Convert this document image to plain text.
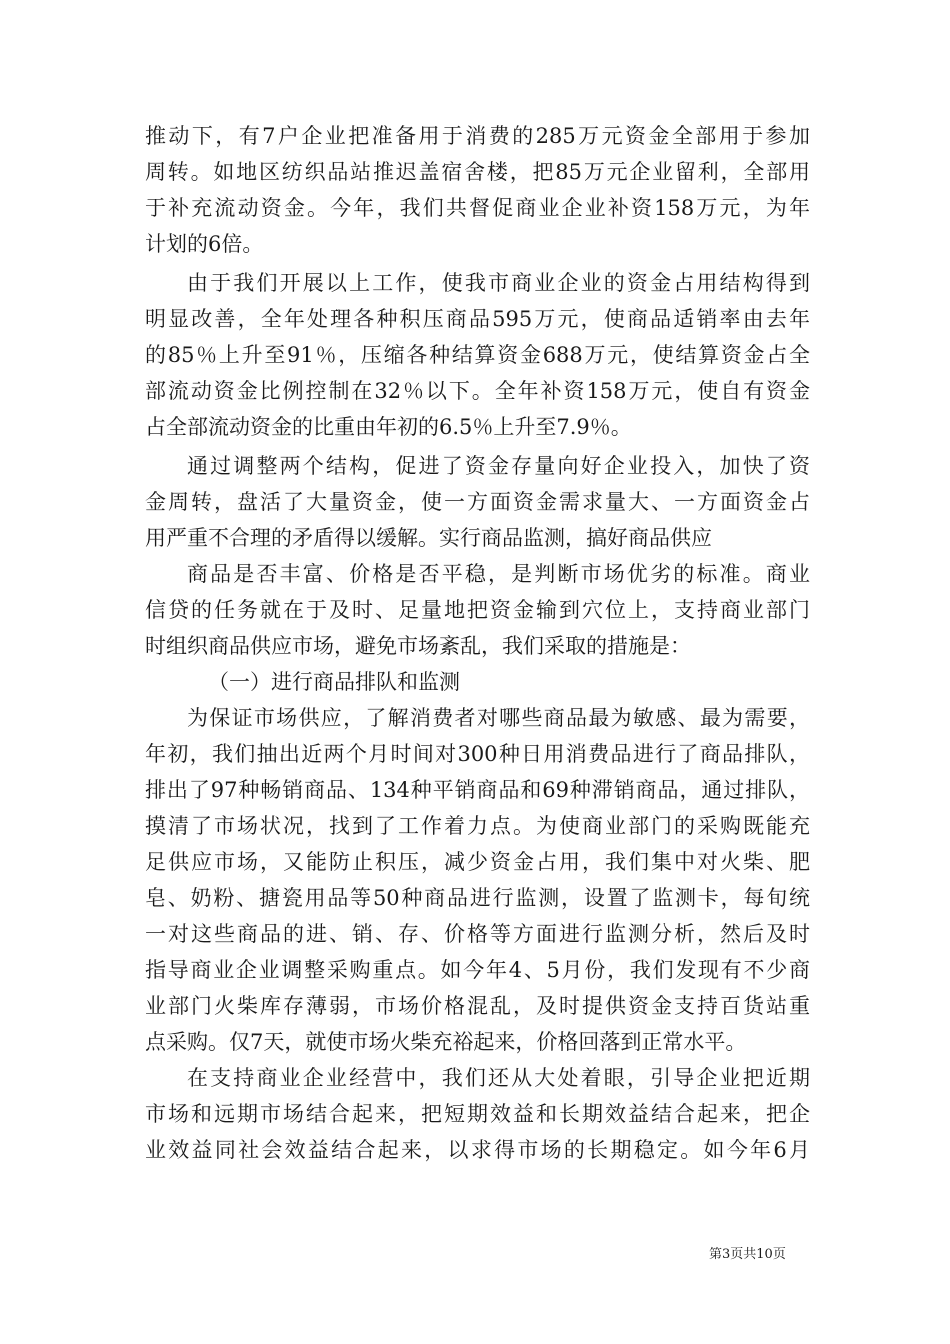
推动下，有7户企业把准备用于消费的285万元资金全部用于参加
周转。如地区纺织品站推迟盖宿舍楼，把85万元企业留利，全部用
于补充流动资金。今年，我们共督促商业企业补资158万元，为年
计划的6倍。
由于我们开展以上工作，使我市商业企业的资金占用结构得到
明显改善，全年处理各种积压商品595万元，使商品适销率由去年
的85％上升至91％，压缩各种结算资金688万元，使结算资金占全
部流动资金比例控制在32％以下。全年补资158万元，使自有资金
占全部流动资金的比重由年初的6.5％上升至7.9％。
通过调整两个结构，促进了资金存量向好企业投入，加快了资
金周转，盘活了大量资金，使一方面资金需求量大、一方面资金占
用严重不合理的矛盾得以缓解。实行商品监测，搞好商品供应
商品是否丰富、价格是否平稳，是判断市场优劣的标准。商业
信贷的任务就在于及时、足量地把资金输到穴位上，支持商业部门
时组织商品供应市场，避免市场紊乱，我们采取的措施是：
（一）进行商品排队和监测
为保证市场供应，了解消费者对哪些商品最为敏感、最为需要，
年初，我们抽出近两个月时间对300种日用消费品进行了商品排队，
排出了97种畅销商品、134种平销商品和69种滞销商品，通过排队，
摸清了市场状况，找到了工作着力点。为使商业部门的采购既能充
足供应市场，又能防止积压，减少资金占用，我们集中对火柴、肥
皂、奶粉、搪瓷用品等50种商品进行监测，设置了监测卡，每旬统
一对这些商品的进、销、存、价格等方面进行监测分析，然后及时
指导商业企业调整采购重点。如今年4、5月份，我们发现有不少商
业部门火柴库存薄弱，市场价格混乱，及时提供资金支持百货站重
点采购。仅7天，就使市场火柴充裕起来，价格回落到正常水平。
在支持商业企业经营中，我们还从大处着眼，引导企业把近期
市场和远期市场结合起来，把短期效益和长期效益结合起来，把企
业效益同社会效益结合起来，以求得市场的长期稳定。如今年6月
第3页共10页
